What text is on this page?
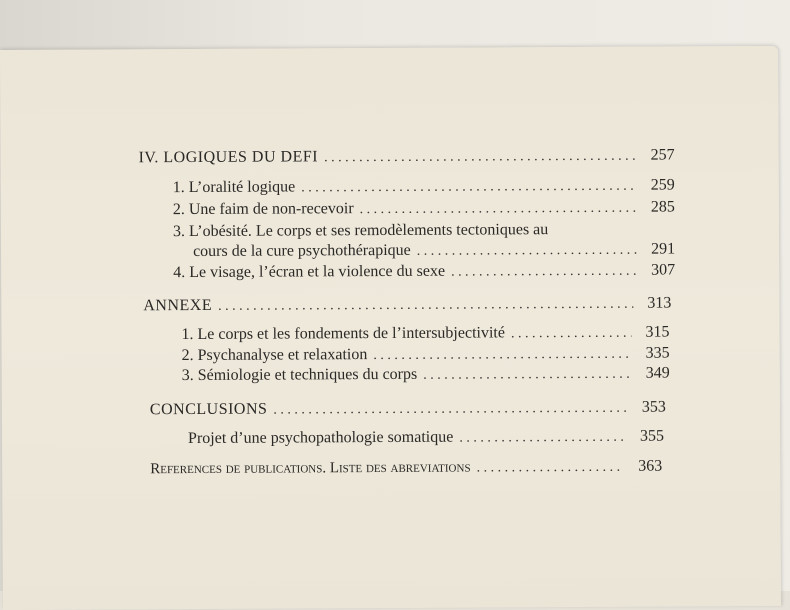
IV. LOGIQUES DU DEFI . . .	257
1. L’oralité logique . . .	259
2. Une faim de non-recevoir . . .	285
3. L’obésité. Le corps et ses remodèlements tectoniques au
cours de la cure psychothérapique . . .	291
4. Le visage, l’écran et la violence du sexe . . .	307
ANNEXE . . .	313
1. Le corps et les fondements de l’intersubjectivité . . .	315
2. Psychanalyse et relaxation . . .	335
3. Sémiologie et techniques du corps . . .	349
CONCLUSIONS . . .	353
Projet d’une psychopathologie somatique . . .	355
References de publications. Liste des abreviations . . .	363
